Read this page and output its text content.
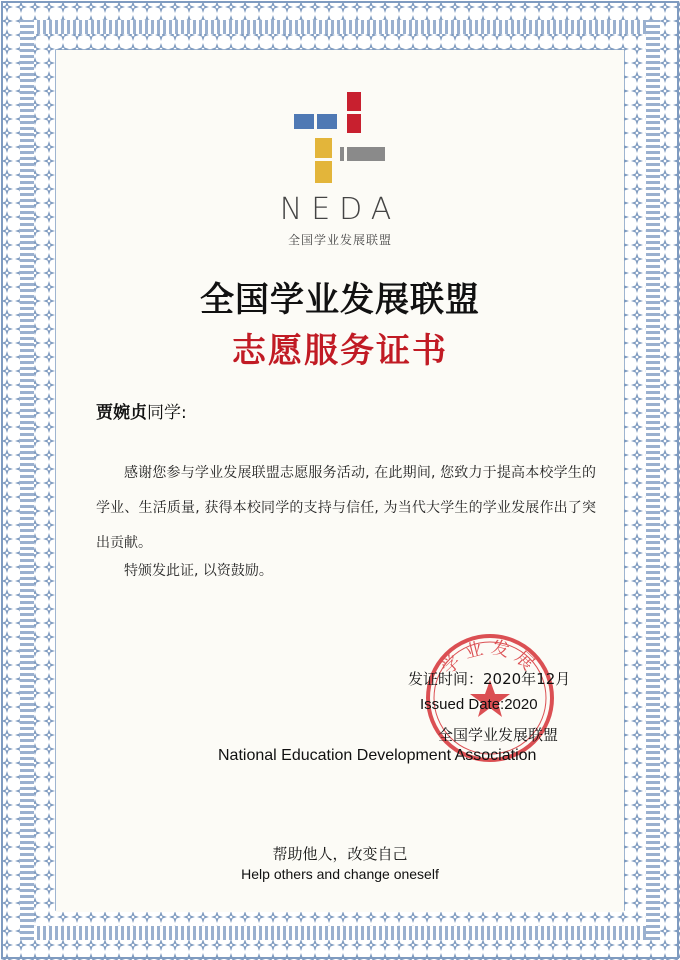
NEDA
全国学业发展联盟
全国学业发展联盟
志愿服务证书
贾婉贞同学:
感谢您参与学业发展联盟志愿服务活动, 在此期间, 您致力于提高本校学生的学业、生活质量, 获得本校同学的支持与信任, 为当代大学生的学业发展作出了突出贡献。
特颁发此证, 以资鼓励。
学业发展
发证时间：2020年12月
Issued Date:2020
全国学业发展联盟
National Education Development Association
帮助他人，改变自己
Help others and change oneself
